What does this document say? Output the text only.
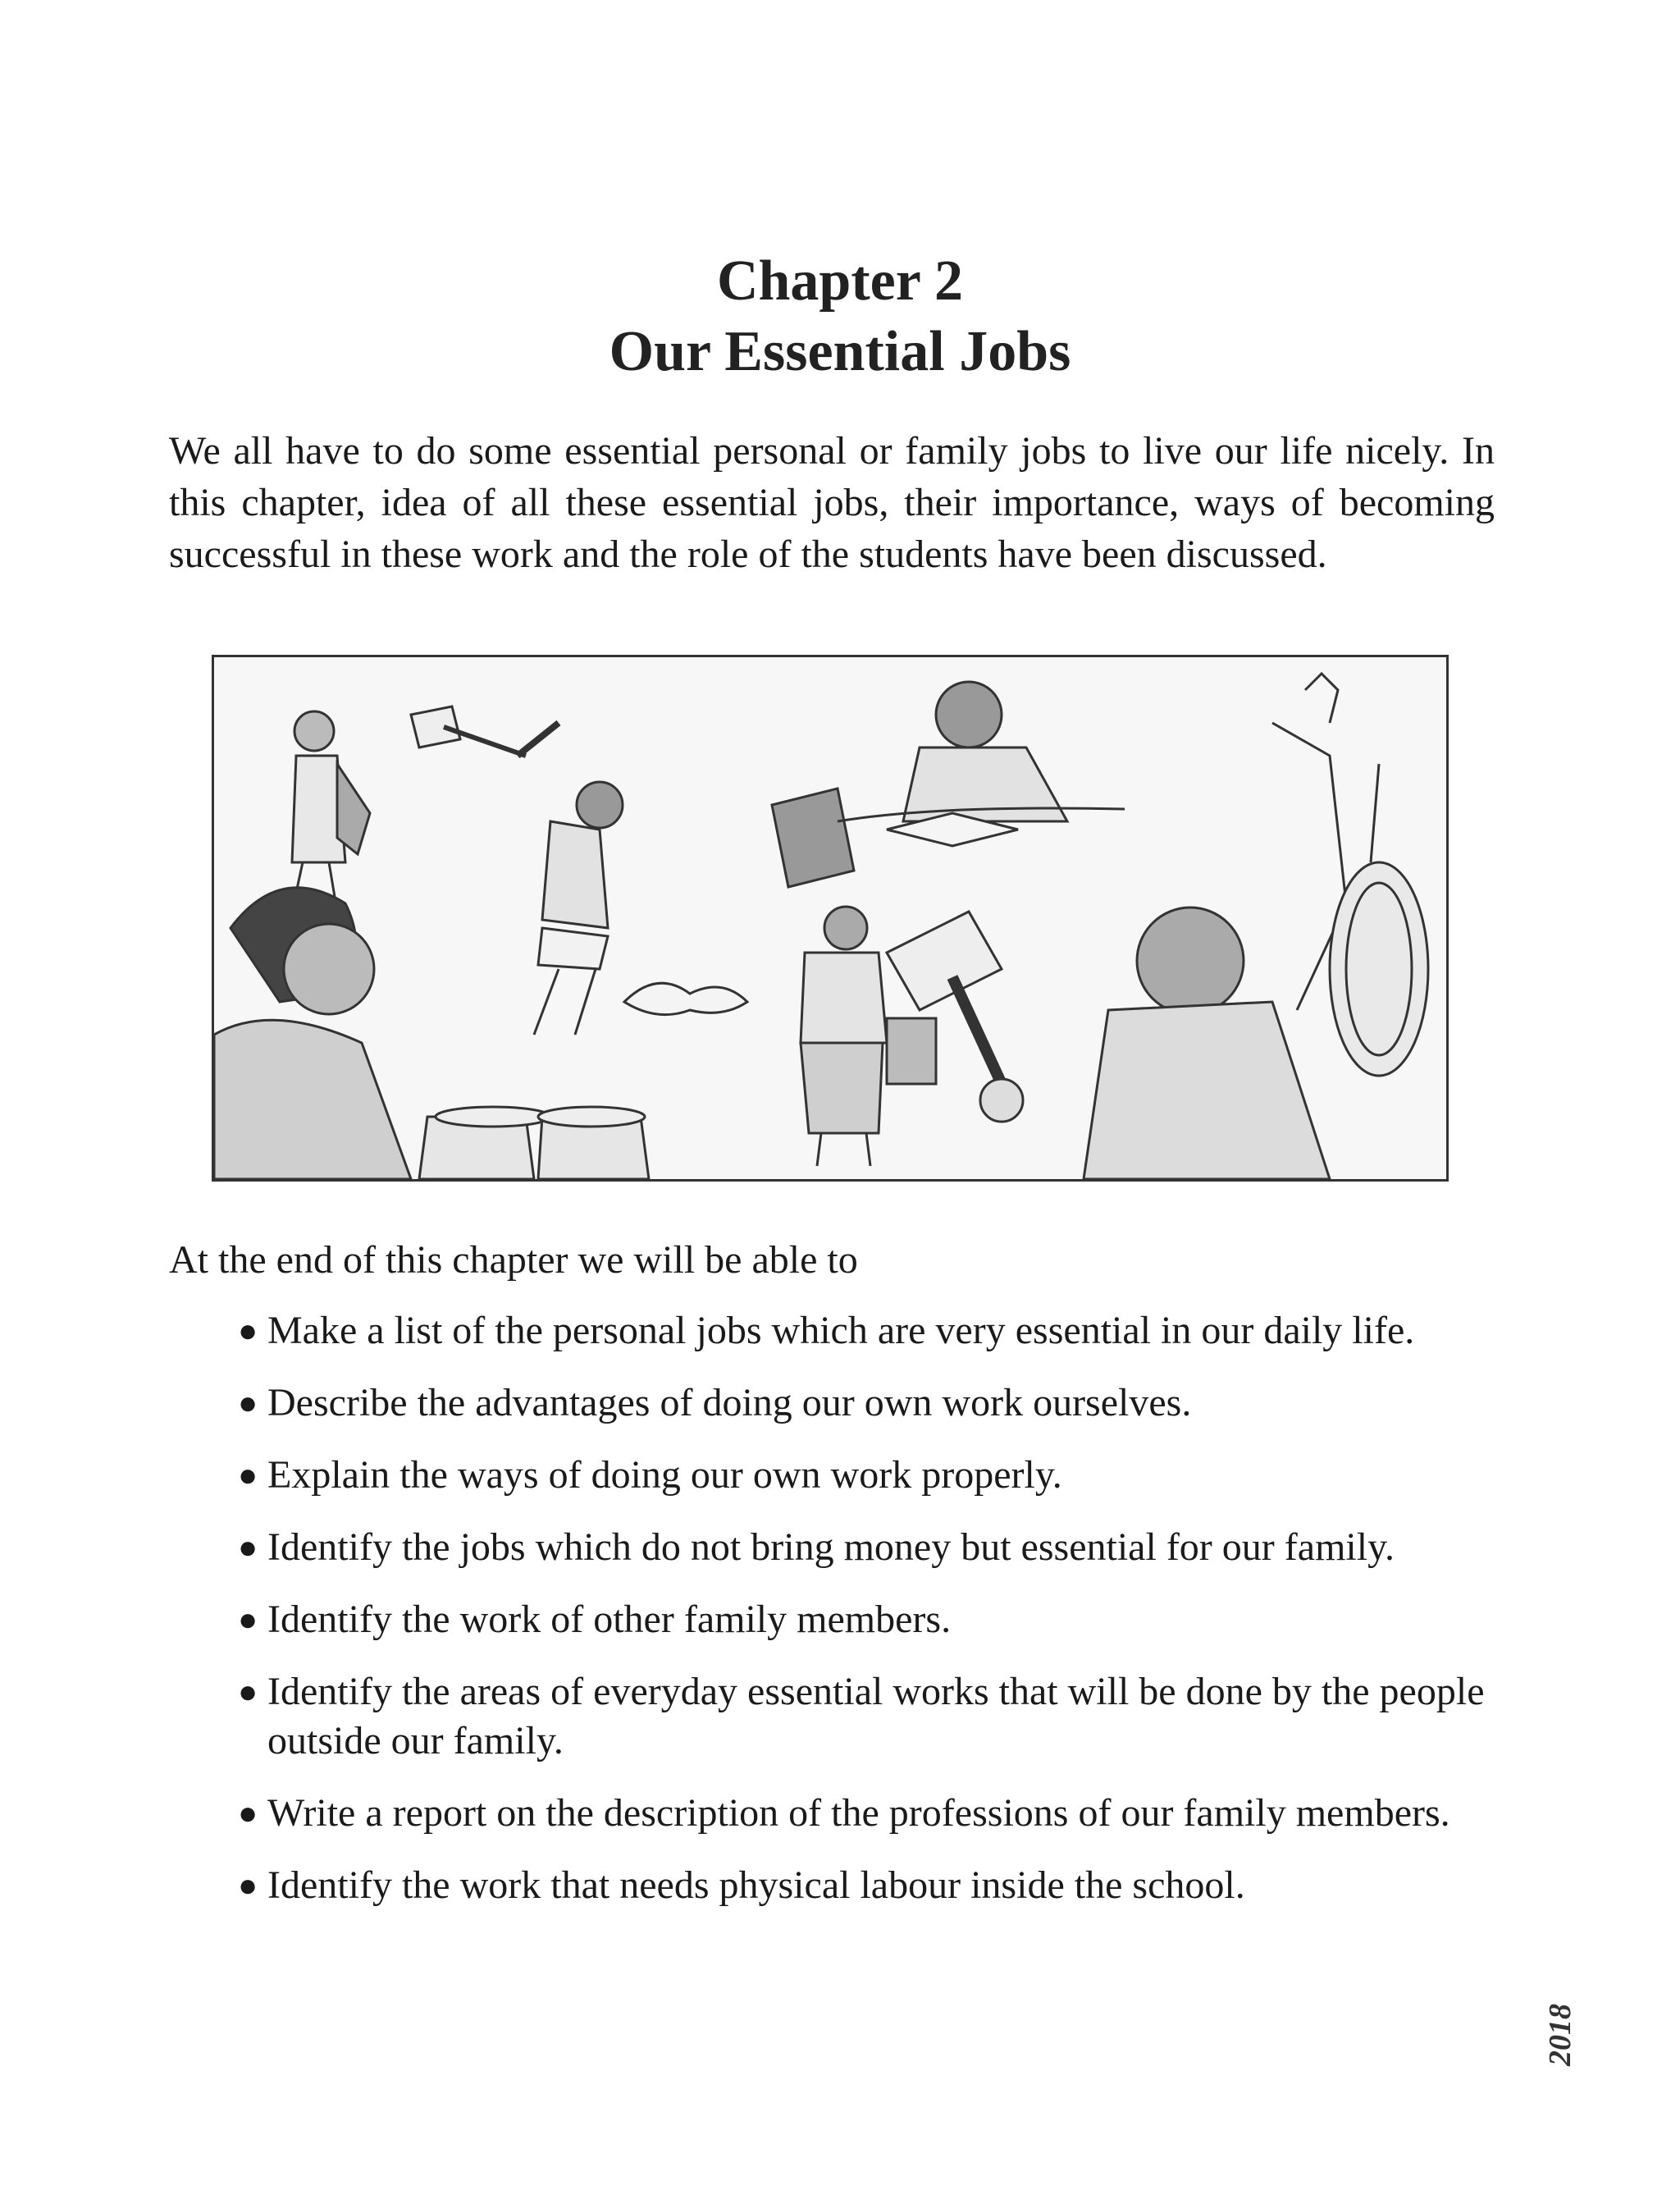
Chapter 2
Our Essential Jobs

We all have to do some essential personal or family jobs to live our life nicely. In this chapter, idea of all these essential jobs, their importance, ways of becoming successful in these work and the role of the students have been discussed.

At the end of this chapter we will be able to
● Make a list of the personal jobs which are very essential in our daily life.
● Describe the advantages of doing our own work ourselves.
● Explain the ways of doing our own work properly.
● Identify the jobs which do not bring money but essential for our family.
● Identify the work of other family members.
● Identify the areas of everyday essential works that will be done by the people outside our family.
● Write a report on the description of the professions of our family members.
● Identify the work that needs physical labour inside the school.
2018
